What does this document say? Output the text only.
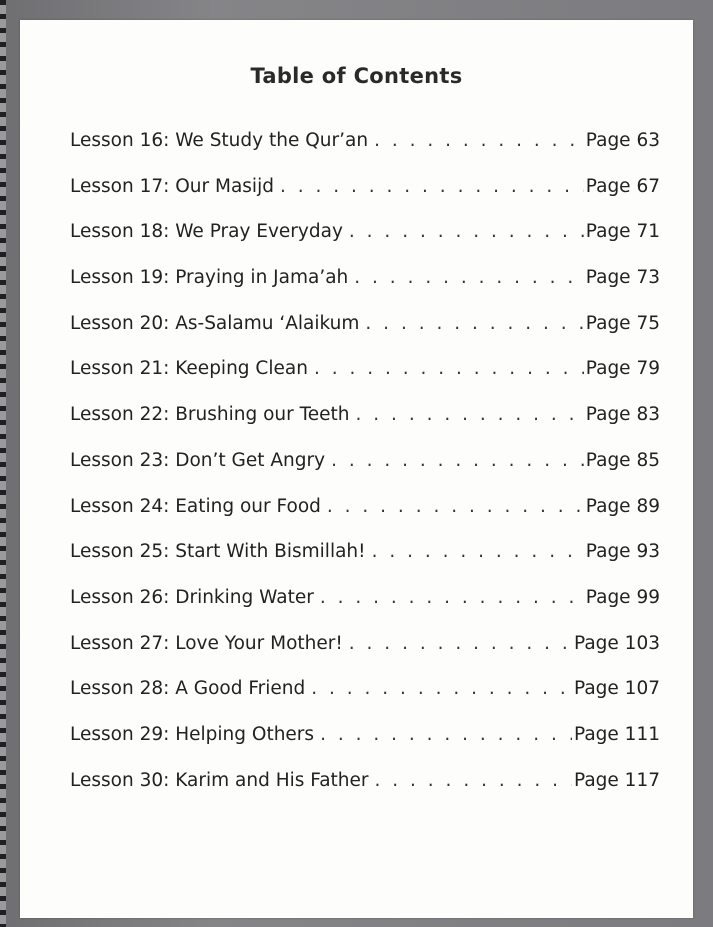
Table of Contents
Lesson 16: We Study the Qur’an . . .	Page 63
Lesson 17: Our Masijd . . .	Page 67
Lesson 18: We Pray Everyday . . .	Page 71
Lesson 19: Praying in Jama’ah . . .	Page 73
Lesson 20: As-Salamu ‘Alaikum . . .	Page 75
Lesson 21: Keeping Clean . . .	Page 79
Lesson 22: Brushing our Teeth . . .	Page 83
Lesson 23: Don’t Get Angry . . .	Page 85
Lesson 24: Eating our Food . . .	Page 89
Lesson 25: Start With Bismillah! . . .	Page 93
Lesson 26: Drinking Water . . .	Page 99
Lesson 27: Love Your Mother! . . .	Page 103
Lesson 28: A Good Friend . . .	Page 107
Lesson 29: Helping Others . . .	Page 111
Lesson 30: Karim and His Father . . .	Page 117
